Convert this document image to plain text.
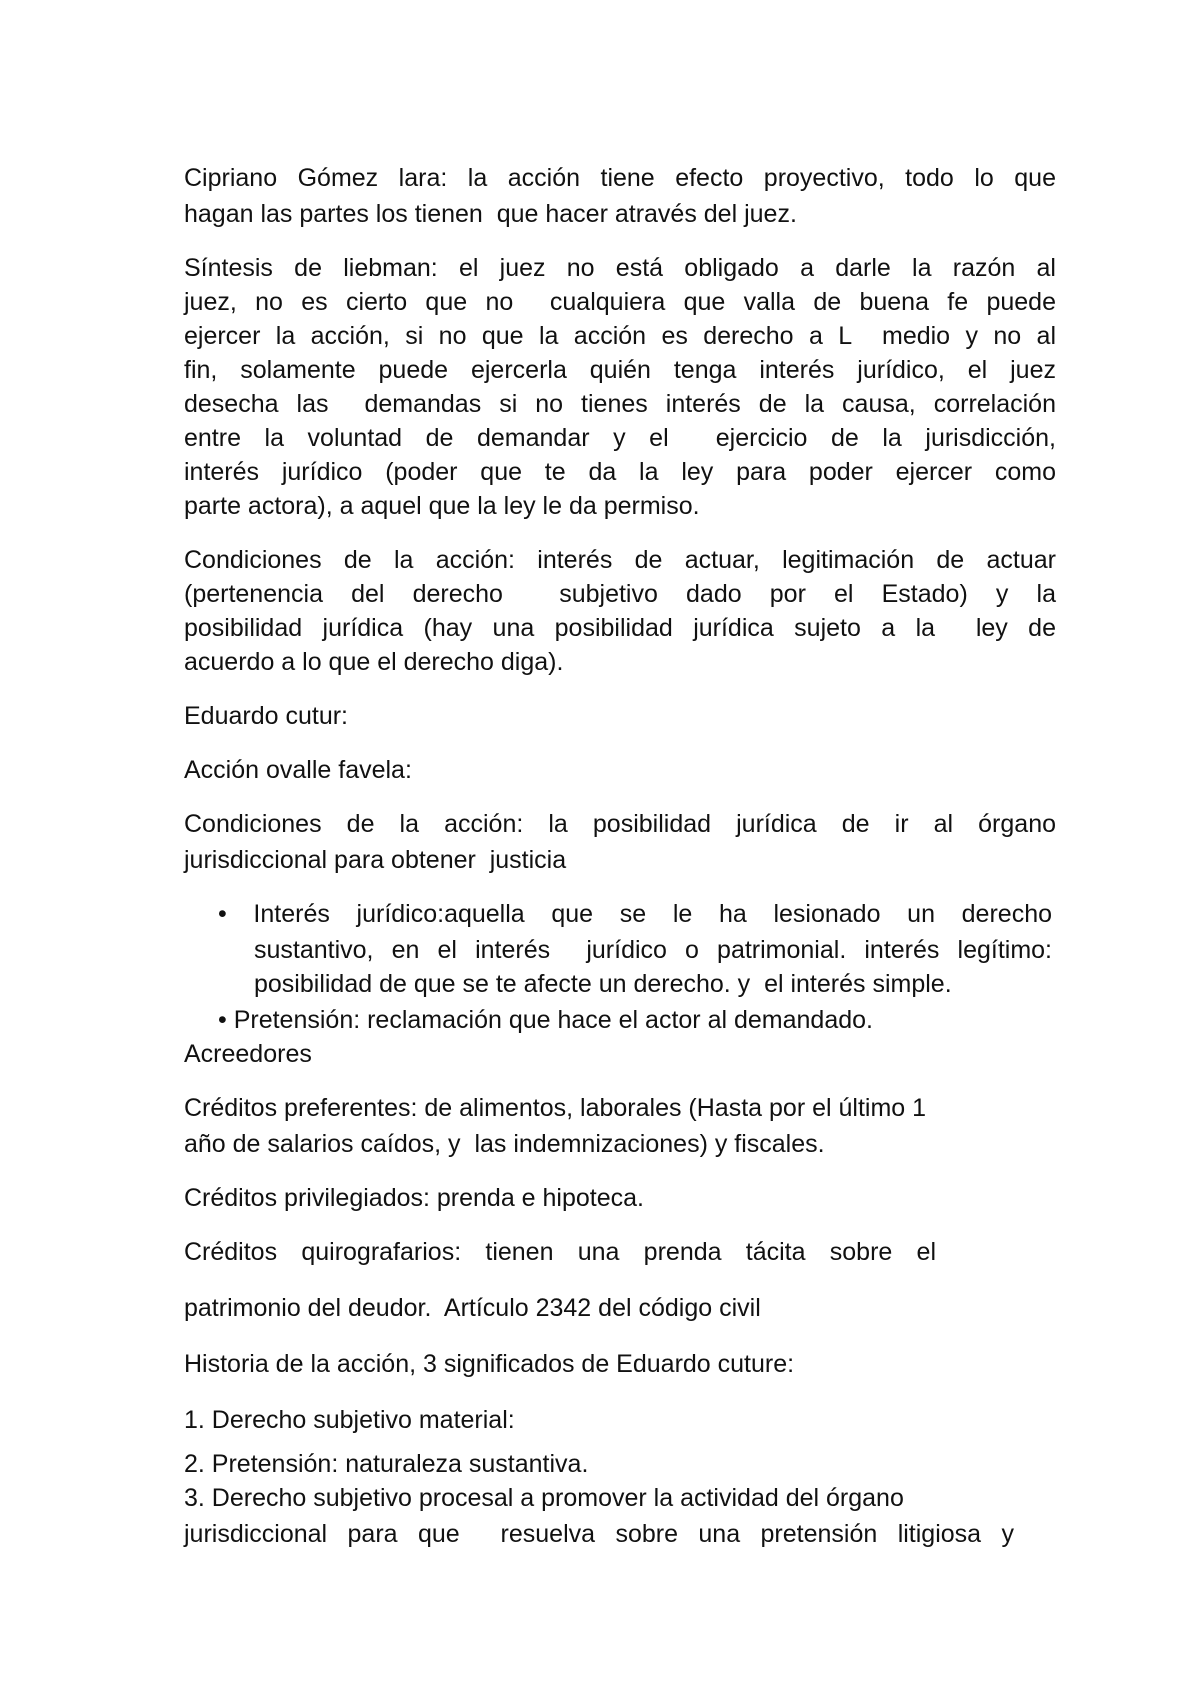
Cipriano Gómez lara: la acción tiene efecto proyectivo, todo lo que
hagan las partes los tienen  que hacer através del juez.
Síntesis de liebman: el juez no está obligado a darle la razón al
juez, no es cierto que no  cualquiera que valla de buena fe puede
ejercer la acción, si no que la acción es derecho a L  medio y no al
fin, solamente puede ejercerla quién tenga interés jurídico, el juez
desecha las  demandas si no tienes interés de la causa, correlación
entre la voluntad de demandar y el  ejercicio de la jurisdicción,
interés jurídico (poder que te da la ley para poder ejercer como
parte actora), a aquel que la ley le da permiso.
Condiciones de la acción: interés de actuar, legitimación de actuar
(pertenencia del derecho  subjetivo dado por el Estado) y la
posibilidad jurídica (hay una posibilidad jurídica sujeto a la  ley de
acuerdo a lo que el derecho diga).
Eduardo cutur:
Acción ovalle favela:
Condiciones de la acción: la posibilidad jurídica de ir al órgano
jurisdiccional para obtener  justicia
• Interés jurídico:aquella que se le ha lesionado un derecho
sustantivo, en el interés  jurídico o patrimonial. interés legítimo:
posibilidad de que se te afecte un derecho. y  el interés simple.
• Pretensión: reclamación que hace el actor al demandado.
Acreedores
Créditos preferentes: de alimentos, laborales (Hasta por el último 1
año de salarios caídos, y  las indemnizaciones) y fiscales.
Créditos privilegiados: prenda e hipoteca.
Créditos quirografarios: tienen una prenda tácita sobre el
patrimonio del deudor.  Artículo 2342 del código civil
Historia de la acción, 3 significados de Eduardo cuture:
1. Derecho subjetivo material:
2. Pretensión: naturaleza sustantiva.
3. Derecho subjetivo procesal a promover la actividad del órgano
jurisdiccional para que  resuelva sobre una pretensión litigiosa y
